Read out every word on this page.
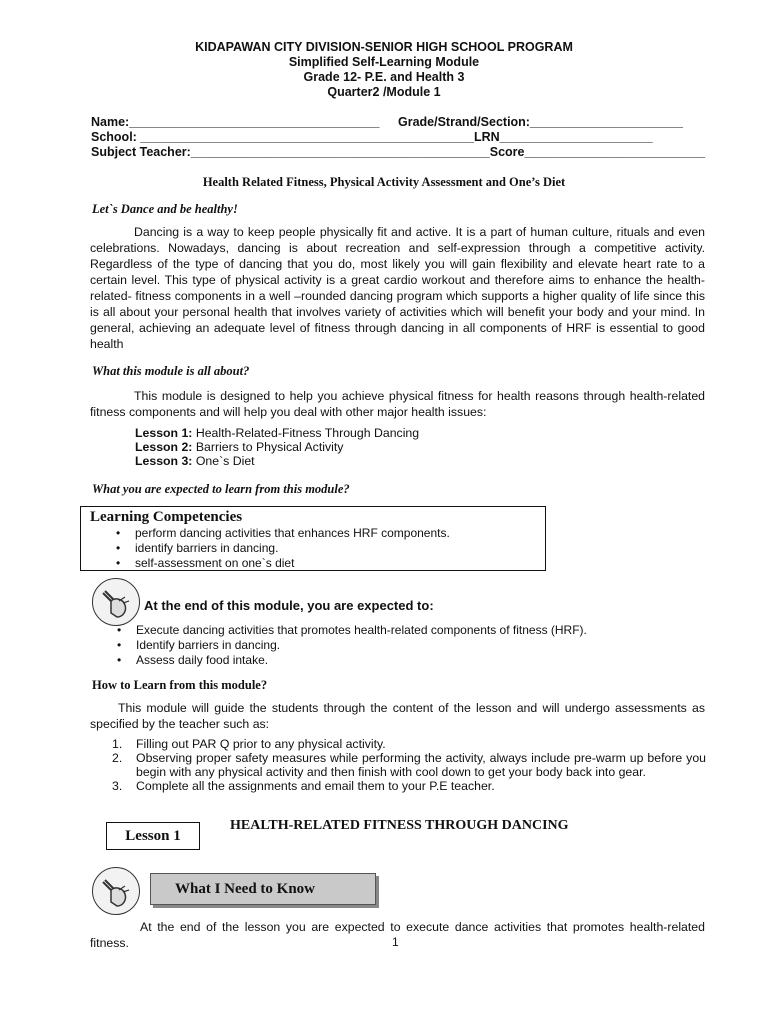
KIDAPAWAN CITY DIVISION-SENIOR HIGH SCHOOL PROGRAM
Simplified Self-Learning Module
Grade 12- P.E. and Health 3
Quarter2 /Module 1
Name:____________________________________ Grade/Strand/Section:______________________
School: ________________________________________________LRN______________________
Subject Teacher:___________________________________________Score__________________________
Health Related Fitness, Physical Activity Assessment and One’s Diet
Let`s Dance and be healthy!
Dancing is a way to keep people physically fit and active. It is a part of human culture, rituals and even celebrations. Nowadays, dancing is about recreation and self-expression through a competitive activity. Regardless of the type of dancing that you do, most likely you will gain flexibility and elevate heart rate to a certain level. This type of physical activity is a great cardio workout and therefore aims to enhance the health-related- fitness components in a well –rounded dancing program which supports a higher quality of life since this is all about your personal health that involves variety of activities which will benefit your body and your mind. In general, achieving an adequate level of fitness through dancing in all components of HRF is essential to good health
What this module is all about?
This module is designed to help you achieve physical fitness for health reasons through health-related fitness components and will help you deal with other major health issues:
Lesson 1: Health-Related-Fitness Through Dancing
Lesson 2: Barriers to Physical Activity
Lesson 3: One`s Diet
What you are expected to learn from this module?
Learning Competencies
• perform dancing activities that enhances HRF components.
• identify barriers in dancing.
• self-assessment on one`s diet
At the end of this module, you are expected to:
• Execute dancing activities that promotes health-related components of fitness (HRF).
• Identify barriers in dancing.
• Assess daily food intake.
How to Learn from this module?
This module will guide the students through the content of the lesson and will undergo assessments as specified by the teacher such as:
1. Filling out PAR Q prior to any physical activity.
2. Observing proper safety measures while performing the activity, always include pre-warm up before you begin with any physical activity and then finish with cool down to get your body back into gear.
3. Complete all the assignments and email them to your P.E teacher.
Lesson 1
HEALTH-RELATED FITNESS THROUGH DANCING
What I Need to Know
At the end of the lesson you are expected to execute dance activities that promotes health-related fitness.	1
